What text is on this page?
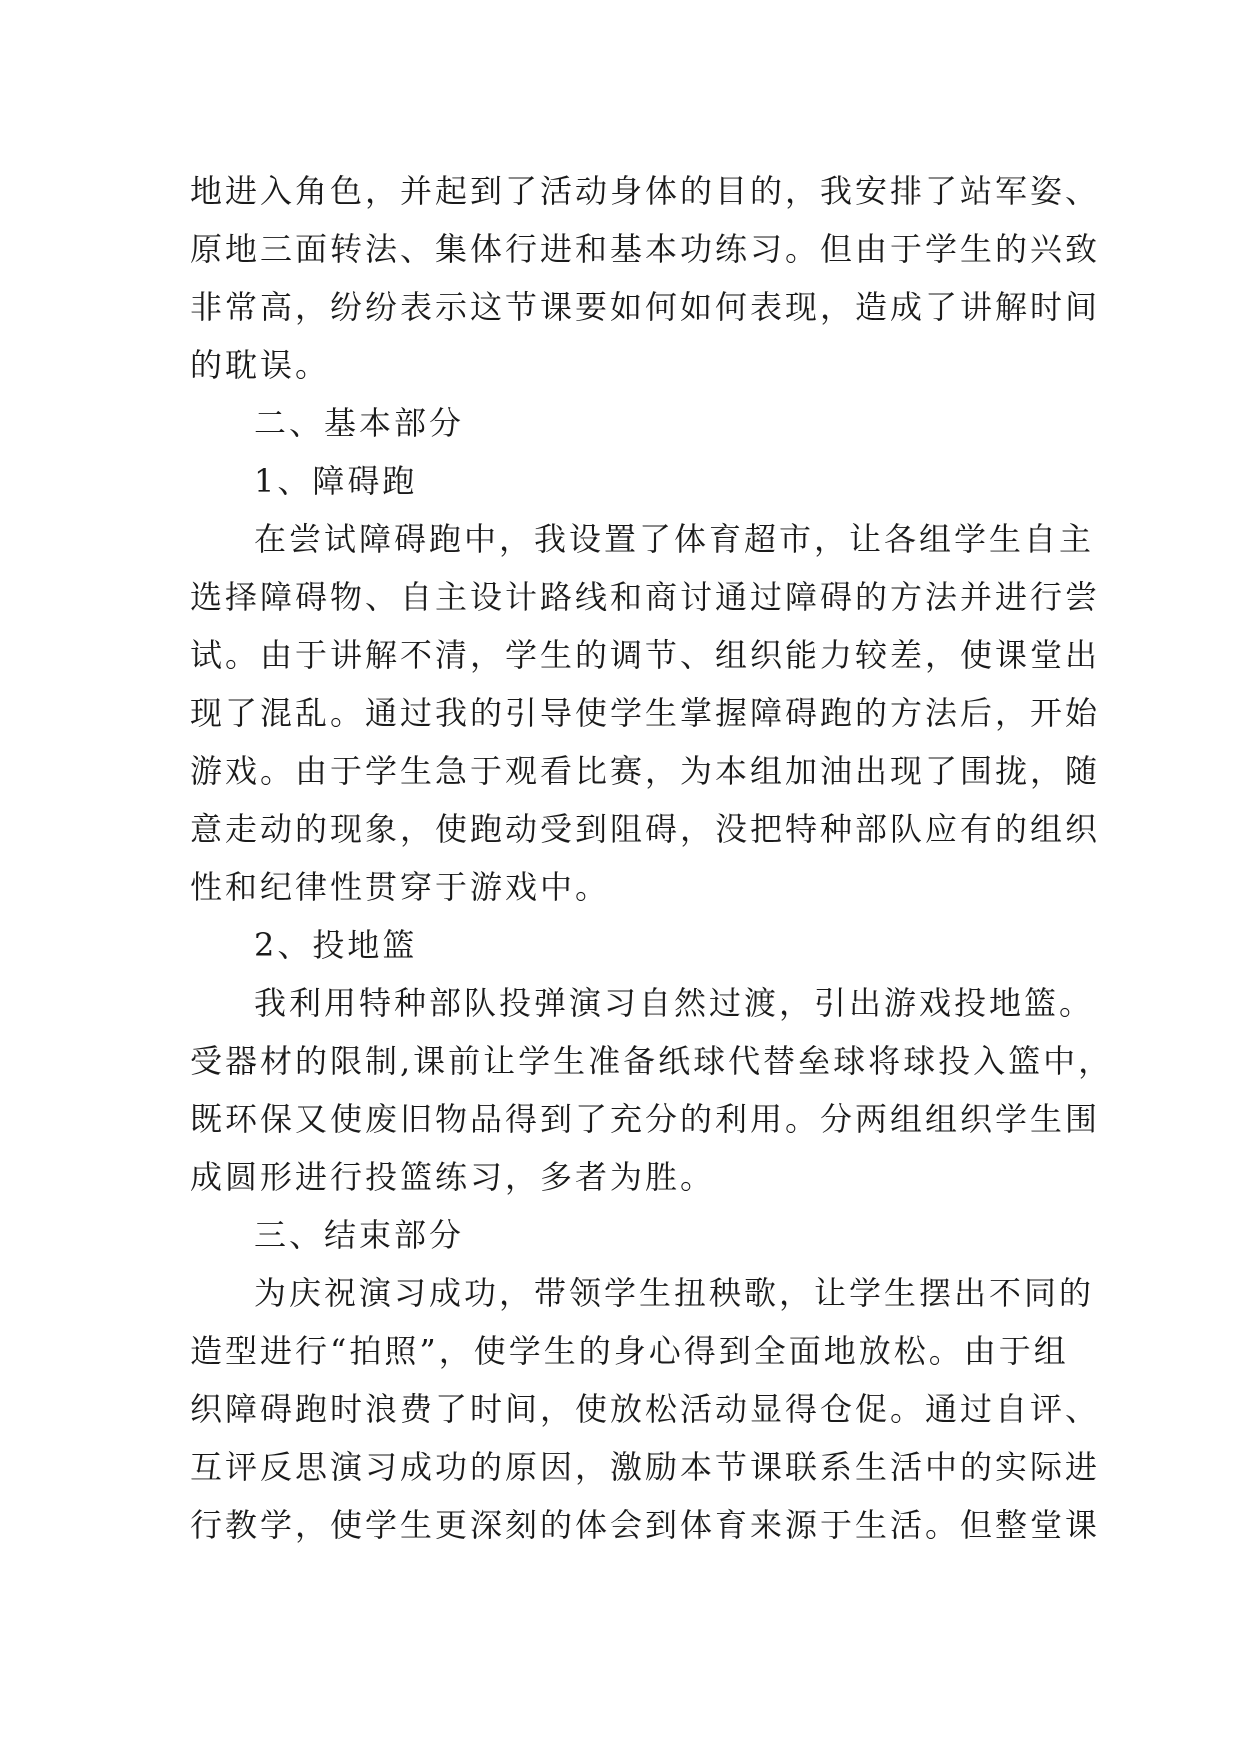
地进入角色，并起到了活动身体的目的，我安排了站军姿、
原地三面转法、集体行进和基本功练习。但由于学生的兴致
非常高，纷纷表示这节课要如何如何表现，造成了讲解时间
的耽误。
二、基本部分
1、障碍跑
在尝试障碍跑中，我设置了体育超市，让各组学生自主
选择障碍物、自主设计路线和商讨通过障碍的方法并进行尝
试。由于讲解不清，学生的调节、组织能力较差，使课堂出
现了混乱。通过我的引导使学生掌握障碍跑的方法后，开始
游戏。由于学生急于观看比赛，为本组加油出现了围拢，随
意走动的现象，使跑动受到阻碍，没把特种部队应有的组织
性和纪律性贯穿于游戏中。
2、投地篮
我利用特种部队投弹演习自然过渡，引出游戏投地篮。
受器材的限制,课前让学生准备纸球代替垒球将球投入篮中，
既环保又使废旧物品得到了充分的利用。分两组组织学生围
成圆形进行投篮练习，多者为胜。
三、结束部分
为庆祝演习成功，带领学生扭秧歌，让学生摆出不同的
造型进行“拍照”，使学生的身心得到全面地放松。由于组
织障碍跑时浪费了时间，使放松活动显得仓促。通过自评、
互评反思演习成功的原因，激励本节课联系生活中的实际进
行教学，使学生更深刻的体会到体育来源于生活。但整堂课
